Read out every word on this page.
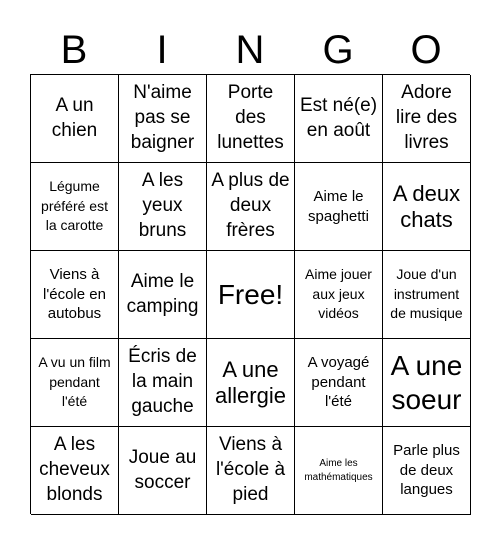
B	I	N	G	O
A un chien
N'aime pas se baigner
Porte des lunettes
Est né(e) en août
Adore lire des livres
Légume préféré est la carotte
A les yeux bruns
A plus de deux frères
Aime le spaghetti
A deux chats
Viens à l'école en autobus
Aime le camping Free!
Aime jouer aux jeux vidéos
Joue d'un instrument de musique
A vu un film pendant l'été
Écris de la main gauche
A une allergie
A voyagé pendant l'été
A une soeur
A les cheveux blonds
Joue au soccer
Viens à l'école à pied
Aime les mathématiques
Parle plus de deux langues
